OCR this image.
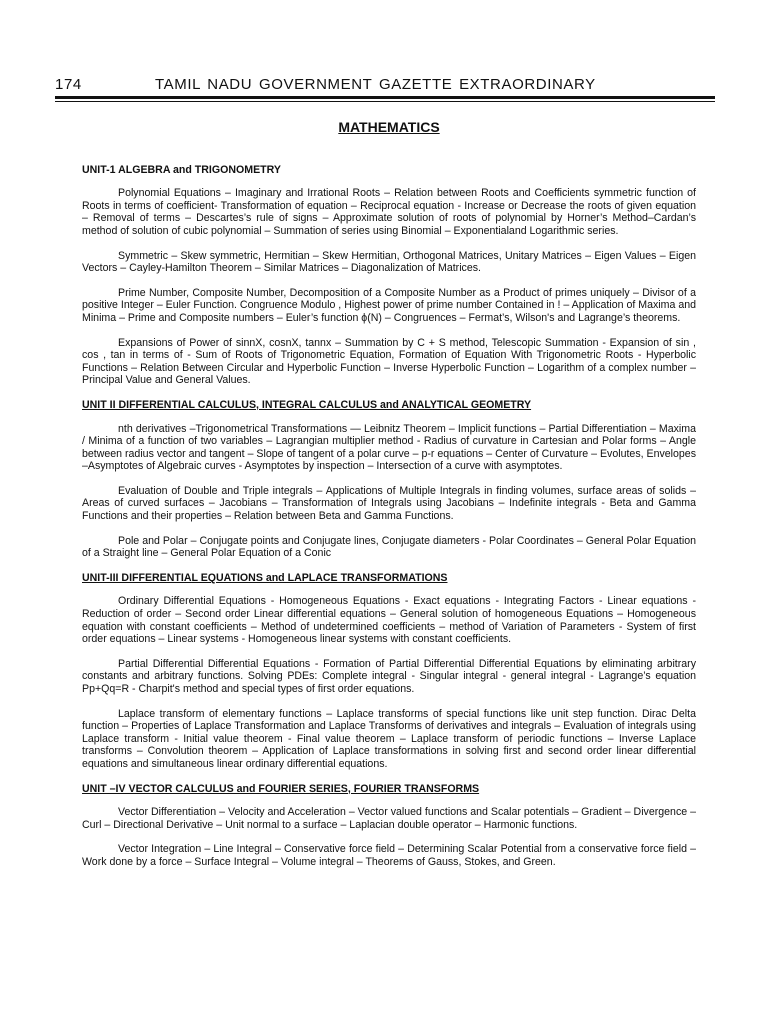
174	TAMIL NADU GOVERNMENT GAZETTE EXTRAORDINARY
MATHEMATICS
UNIT-1 ALGEBRA and TRIGONOMETRY

Polynomial Equations – Imaginary and Irrational Roots – Relation between Roots and Coefficients symmetric function of Roots in terms of coefficient- Transformation of equation – Reciprocal equation - Increase or Decrease the roots of given equation – Removal of terms – Descartes’s rule of signs – Approximate solution of roots of polynomial by Horner’s Method–Cardan’s method of solution of cubic polynomial – Summation of series using Binomial – Exponentialand Logarithmic series.

Symmetric – Skew symmetric, Hermitian – Skew Hermitian, Orthogonal Matrices, Unitary Matrices – Eigen Values – Eigen Vectors – Cayley-Hamilton Theorem – Similar Matrices – Diagonalization of Matrices.

Prime Number, Composite Number, Decomposition of a Composite Number as a Product of primes uniquely – Divisor of a positive Integer – Euler Function. Congruence Modulo , Highest power of prime number Contained in ! – Application of Maxima and Minima – Prime and Composite numbers – Euler’s function ϕ(N) – Congruences – Fermat’s, Wilson's and Lagrange’s theorems.

Expansions of Power of sinnX, cosnX, tannx – Summation by C + S method, Telescopic Summation - Expansion of sin , cos , tan in terms of - Sum of Roots of Trigonometric Equation, Formation of Equation With Trigonometric Roots - Hyperbolic Functions – Relation Between Circular and Hyperbolic Function – Inverse Hyperbolic Function – Logarithm of a complex number – Principal Value and General Values.

UNIT II DIFFERENTIAL CALCULUS, INTEGRAL CALCULUS and ANALYTICAL GEOMETRY

nth derivatives –Trigonometrical Transformations — Leibnitz Theorem – Implicit functions – Partial Differentiation – Maxima / Minima of a function of two variables – Lagrangian multiplier method - Radius of curvature in Cartesian and Polar forms – Angle between radius vector and tangent – Slope of tangent of a polar curve – p-r equations – Center of Curvature – Evolutes, Envelopes –Asymptotes of Algebraic curves - Asymptotes by inspection – Intersection of a curve with asymptotes.

Evaluation of Double and Triple integrals – Applications of Multiple Integrals in finding volumes, surface areas of solids – Areas of curved surfaces – Jacobians – Transformation of Integrals using Jacobians – Indefinite integrals - Beta and Gamma Functions and their properties – Relation between Beta and Gamma Functions.

Pole and Polar – Conjugate points and Conjugate lines, Conjugate diameters - Polar Coordinates – General Polar Equation of a Straight line – General Polar Equation of a Conic

UNIT-III DIFFERENTIAL EQUATIONS and LAPLACE TRANSFORMATIONS

Ordinary Differential Equations - Homogeneous Equations - Exact equations - Integrating Factors - Linear equations - Reduction of order – Second order Linear differential equations – General solution of homogeneous Equations – Homogeneous equation with constant coefficients – Method of undetermined coefficients – method of Variation of Parameters - System of first order equations – Linear systems - Homogeneous linear systems with constant coefficients.

Partial Differential Differential Equations - Formation of Partial Differential Differential Equations by eliminating arbitrary constants and arbitrary functions. Solving PDEs: Complete integral - Singular integral - general integral - Lagrange’s equation Pp+Qq=R - Charpit's method and special types of first order equations.

Laplace transform of elementary functions – Laplace transforms of special functions like unit step function. Dirac Delta function – Properties of Laplace Transformation and Laplace Transforms of derivatives and integrals – Evaluation of integrals using Laplace transform - Initial value theorem - Final value theorem – Laplace transform of periodic functions – Inverse Laplace transforms – Convolution theorem – Application of Laplace transformations in solving first and second order linear differential equations and simultaneous linear ordinary differential equations.

UNIT –IV VECTOR CALCULUS and FOURIER SERIES, FOURIER TRANSFORMS

Vector Differentiation – Velocity and Acceleration – Vector valued functions and Scalar potentials – Gradient – Divergence – Curl – Directional Derivative – Unit normal to a surface – Laplacian double operator – Harmonic functions.

Vector Integration – Line Integral – Conservative force field – Determining Scalar Potential from a conservative force field – Work done by a force – Surface Integral – Volume integral – Theorems of Gauss, Stokes, and Green.
